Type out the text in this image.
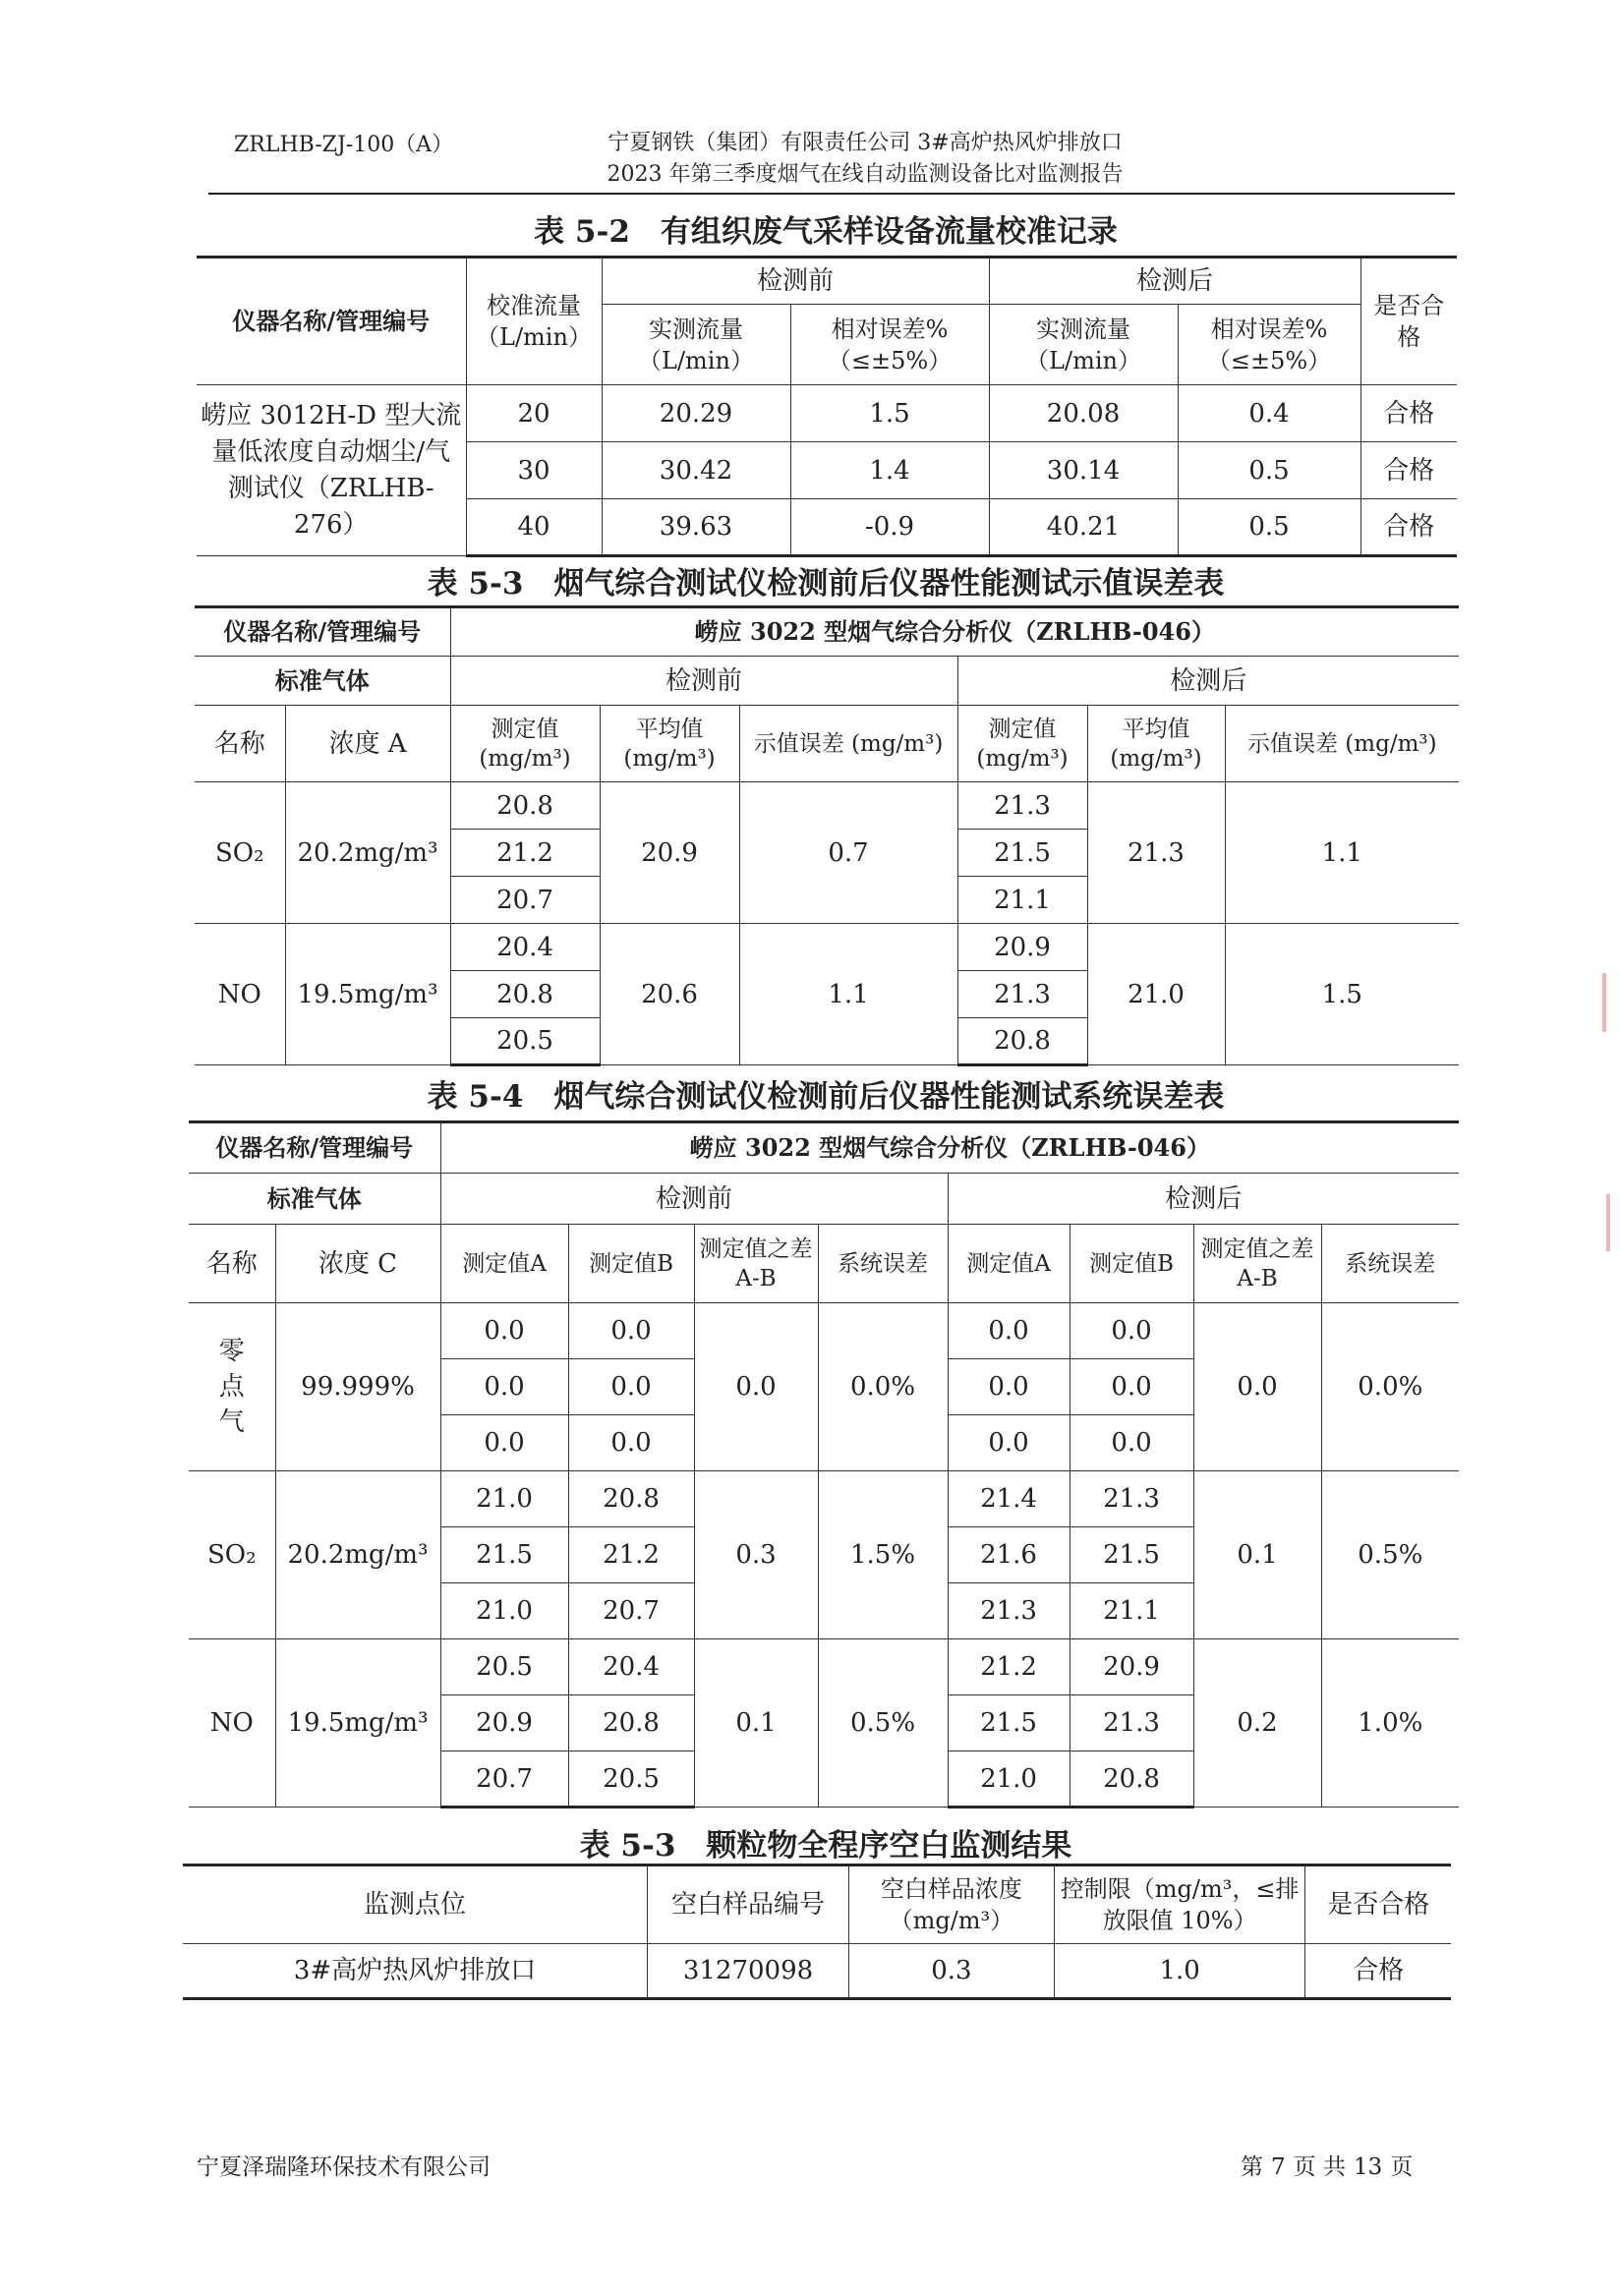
ZRLHB-ZJ-100（A）	宁夏钢铁（集团）有限责任公司 3#高炉热风炉排放口
2023 年第三季度烟气在线自动监测设备比对监测报告
表 5-2　有组织废气采样设备流量校准记录
仪器名称/管理编号	校准流量（L/min）	检测前		检测后		是否合格
		实测流量（L/min）	相对误差%（≤±5%）	实测流量（L/min）	相对误差%（≤±5%）	
崂应 3012H-D 型大流量低浓度自动烟尘/气测试仪（ZRLHB-276）	20	20.29	1.5	20.08	0.4	合格
	30	30.42	1.4	30.14	0.5	合格
	40	39.63	-0.9	40.21	0.5	合格
表 5-3　烟气综合测试仪检测前后仪器性能测试示值误差表
仪器名称/管理编号		崂应 3022 型烟气综合分析仪（ZRLHB-046）					
标准气体		检测前			检测后		
名称	浓度 A	测定值(mg/m³)	平均值(mg/m³)	示值误差 (mg/m³)	测定值(mg/m³)	平均值(mg/m³)	示值误差 (mg/m³)
SO₂	20.2mg/m³	20.8	20.9	0.7	21.3	21.3	1.1
		21.2			21.5		
		20.7			21.1		
NO	19.5mg/m³	20.4	20.6	1.1	20.9	21.0	1.5
		20.8			21.3		
		20.5			20.8		
表 5-4　烟气综合测试仪检测前后仪器性能测试系统误差表
仪器名称/管理编号		崂应 3022 型烟气综合分析仪（ZRLHB-046）							
标准气体		检测前				检测后			
名称	浓度 C	测定值A	测定值B	测定值之差A-B	系统误差	测定值A	测定值B	测定值之差A-B	系统误差
零点气	99.999%	0.0	0.0	0.0	0.0%	0.0	0.0	0.0	0.0%
		0.0	0.0			0.0	0.0		
		0.0	0.0			0.0	0.0		
SO₂	20.2mg/m³	21.0	20.8	0.3	1.5%	21.4	21.3	0.1	0.5%
		21.5	21.2			21.6	21.5		
		21.0	20.7			21.3	21.1		
NO	19.5mg/m³	20.5	20.4	0.1	0.5%	21.2	20.9	0.2	1.0%
		20.9	20.8			21.5	21.3		
		20.7	20.5			21.0	20.8		
表 5-3　颗粒物全程序空白监测结果
监测点位	空白样品编号	空白样品浓度（mg/m³）	控制限（mg/m³，≤排放限值 10%）	是否合格
3#高炉热风炉排放口	31270098	0.3	1.0	合格
宁夏泽瑞隆环保技术有限公司	第 7 页 共 13 页
